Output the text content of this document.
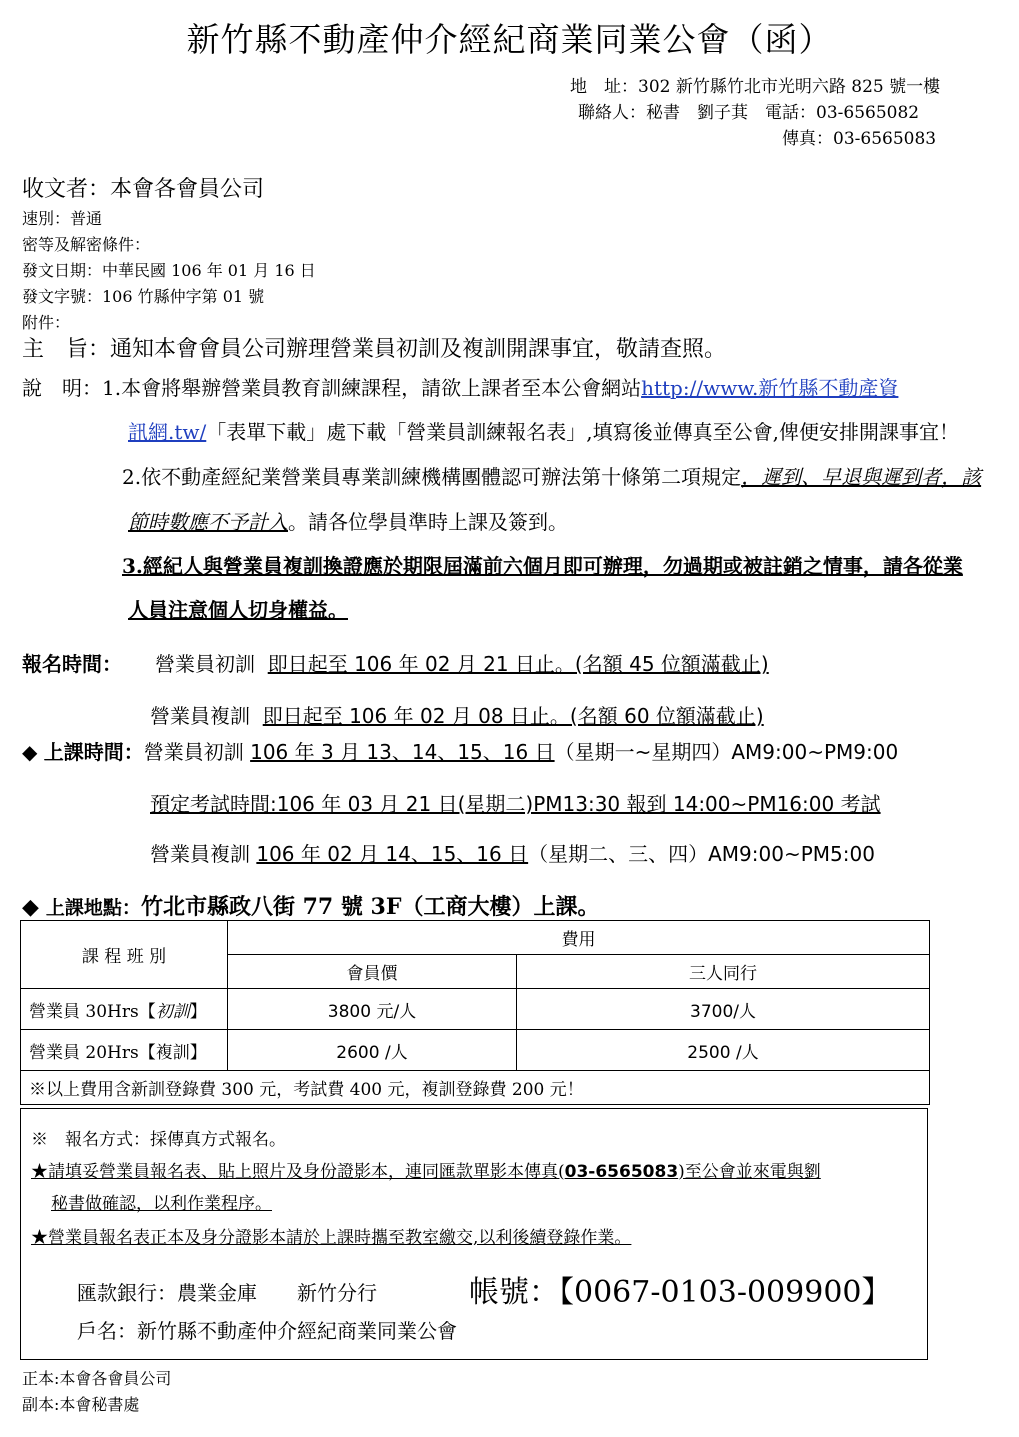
新竹縣不動產仲介經紀商業同業公會（函）
地　址：302 新竹縣竹北市光明六路 825 號一樓
聯絡人：秘書　劉子萁　電話：03-6565082
傳真：03-6565083
收文者：本會各會員公司
速別：普通
密等及解密條件：
發文日期：中華民國 106 年 01 月 16 日
發文字號：106 竹縣仲字第 01 號
附件：
主　旨：通知本會會員公司辦理營業員初訓及複訓開課事宜，敬請查照。
說　明：1.本會將舉辦營業員教育訓練課程，請欲上課者至本公會網站http://www.新竹縣不動產資
訊網.tw/「表單下載」處下載「營業員訓練報名表」,填寫後並傳真至公會,俾便安排開課事宜！
2.依不動產經紀業營業員專業訓練機構團體認可辦法第十條第二項規定，遲到、早退與遲到者，該
節時數應不予計入。請各位學員準時上課及簽到。
3.經紀人與營業員複訓換證應於期限屆滿前六個月即可辦理，勿過期或被註銷之情事，請各從業
人員注意個人切身權益。
報名時間： 營業員初訓 即日起至 106 年 02 月 21 日止。(名額 45 位額滿截止)
營業員複訓 即日起至 106 年 02 月 08 日止。(名額 60 位額滿截止)
◆ 上課時間：營業員初訓 106 年 3 月 13、14、15、16 日（星期一~星期四）AM9:00~PM9:00
預定考試時間:106 年 03 月 21 日(星期二)PM13:30 報到 14:00~PM16:00 考試
營業員複訓 106 年 02 月 14、15、16 日（星期二、三、四）AM9:00~PM5:00
◆ 上課地點：竹北市縣政八街 77 號 3F（工商大樓）上課。
課 程 班 別	費用	
	會員價	三人同行
營業員 30Hrs【初訓】	3800 元/人	3700/人
營業員 20Hrs【複訓】	2600 /人	2500 /人
※以上費用含新訓登錄費 300 元，考試費 400 元，複訓登錄費 200 元！		
※　報名方式：採傳真方式報名。
★請填妥營業員報名表、貼上照片及身份證影本，連同匯款單影本傳真(03-6565083)至公會並來電與劉
秘書做確認，以利作業程序。
★營業員報名表正本及身分證影本請於上課時攜至教室繳交,以利後續登錄作業。
匯款銀行：農業金庫　　新竹分行	帳號：【0067-0103-009900】
戶名：新竹縣不動產仲介經紀商業同業公會
正本:本會各會員公司
副本:本會秘書處
